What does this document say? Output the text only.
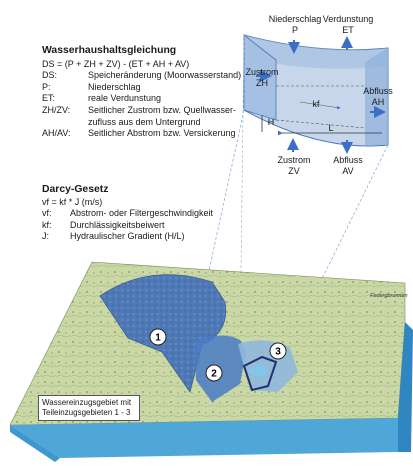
Wasserhaushaltsgleichung
DS = (P + ZH + ZV) - (ET + AH + AV)
DS:	Speicheränderung (Moorwasserstand)
P:	Niederschlag
ET:	reale Verdunstung
ZH/ZV:	Seitlicher Zustrom bzw. Quellwasser-
zufluss aus dem Untergrund
AH/AV:	Seitlicher Abstrom bzw. Versickerung
Darcy-Gesetz
vf = kf * J (m/s)
vf:	Abstrom- oder Filtergeschwindigkeit
kf:	Durchlässigkeitsbeiwert
J:	Hydraulischer Gradient (H/L)
1
2
3
Federgbrunnen
Niederschlag
P
Verdunstung
ET
Zustrom
ZH
Abfluss
AH
kf
H
L
Zustrom
ZV
Abfluss
AV
Wassereinzugsgebiet mit
Teileinzugsgebieten 1 - 3
